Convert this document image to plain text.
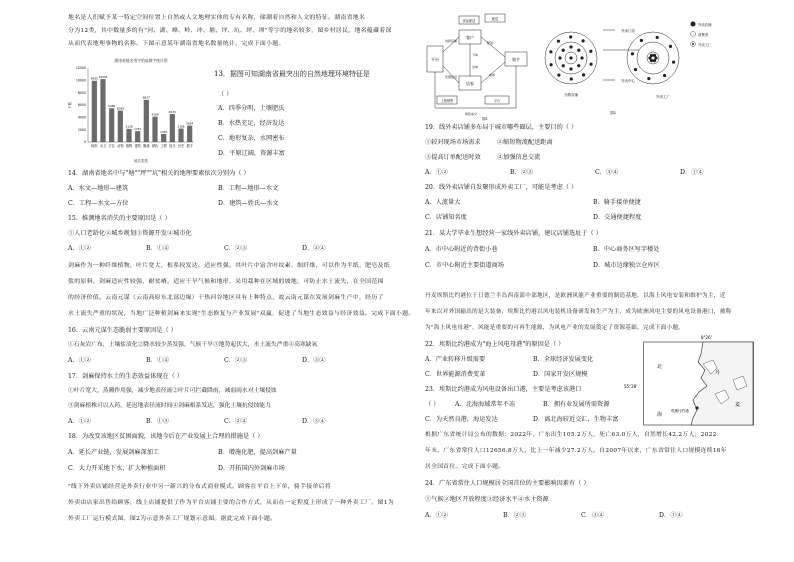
地名是人们赋予某一特定空间位置上自然或人文地理实体的专有名称，储潮着自然和人文的特征。湖南省地名
分为12类，其中数量多的有"河、湖、峰、岭、冲、塘、坪、坑、坪、圳"等字的地名较多，图乡村居民。地名蕴藏着深
从而代表地理事物的名称。下图示意某年湖南省地名数量统计。完成下面小题。
湖南省地名用字的高频字统计图
个数
地名类型
12000
10000
8000
6000
4000
2000
0
9935
地形
10203
水文
5468
方位
5089
动物
2128
植物
1751
建筑
6827
聚落
4109
颜色
1305
工程
4525
姓氏
2186
历史
2654
数字
13．据图可知湖南省最突出的自然地理环境特征是
（ ）
A．四季分明，土壤肥沃
B．水热充足，经济发达
C．地形复杂，水网密布
D．平原辽阔，资源丰富
14．湖南省地名中与"塘""坪""坑"相关的地理要素依次分别为（ ）
A．水文—地形—建筑	B．工程—地形—水文
C．工程—水文—方位	D．建筑—姓氏—水文
15．推测地名消失的主要原因是（ ）
①人口老龄化②城乡规划③资源开发④城市化
A．①②	B．①④	C．②③	D．②④
剑麻作为一种纤维植物，叶片宽大，根系较发达，适应性强。其叶片中富含叶纹素、细纤维，可以作为半纸、肥皂及纸
浆的原料。剑麻适应性较强，耐贫瘠，适应干旱气候和地形，采用栽种在区域的坡地，可防止水土流失，在全国范围
的经济价值。云南元谋（云南高原东北部边缘）干热河谷地区具有上种特点，故云南元谋在发展剑麻生产中，经历了
水土流失严重的状况，当地广泛种植剑麻来实现"生态修复与产业发展"双赢，促进了当地生态效益与经济效益。完成下面小题。
16．云南元谋生态脆弱主要原因是（ ）
①石灰岩广布，土壤盐渍化②降水较少蒸发强，气候干旱③地势起伏大，水土流失严重④高寒缺氧
A．①②	B．①④	C．②③	D．③④
17．剑麻保持水土的生态效益体现在（ ）
①叶片宽大，蒸腾作用强，减少地表径流②叶片可拦截降雨，减弱雨水对土壤侵蚀
③剑麻植株可以入药，延迟地表径流时间④剑麻根系发达，强化土壤抗侵蚀能力
A．①②	B．①③	C．②④	D．③④
18．为改变该地区贫困面貌，该地今后在产业发展上合理的措施是（ ）
A．延长产业链，发展剑麻深加工	B．增施化肥，提高剑麻产量
C．大力开采地下水，扩大种植面积	D．开拓国内外剑麻市场
"线下外卖店铺经营是外卖行业中另一新兴的分布式商业模式。顾客在平台上下单，骑手接单后将
外卖由店家出售给顾客，线上店铺提供了作为平台店铺主要的合作方式，从而在一定程度上形成了一种外卖工厂。图1为
外卖工厂运行模式图，图2为示意外卖工厂规划示意图。据此完成下面小题。
平台
客户
骑手
店家
食品配送	配送
上报销售	平台
选择店铺
优惠信息
配送
下单
接单
出单
销售成交
图1
外卖门店
外卖中心
分散店铺	外卖工厂
图2
外卖店铺
消费者
外卖工厂
19．线外卖店铺多布局于城市哪些圈层，主要目的（ ）
①较对现场市场需求	②缩短物流配送距离
③提高订单配送时效	④加强信息交流
A．①②	B．②③	C．③④	D．①④
20．线外卖店铺自发聚形成外卖工厂，可能是考虑（ ）
A．人流量大	B．骑手接单便捷
C．店铺知名度	D．交通便捷程度
21．某大学毕业生想经营一家线外卖店铺，建议店铺选址于（ ）
A．市中心附近的背街小巷	B．中心商务区写字楼处
C．市中心附近主要街道商场	D．城市边缘独立仓库区
丹麦埃斯比约港位于日德兰半岛西南部中部地区，是欧洲风能产业重要的制造基地，以海上风电安装和维护为主，近
年来以对外国输出的是大装备，埃斯比约港以风电装机设备研发和生产为主，成为欧洲风电主要的风电设备港口，被称
为"海上风电母港"。风能是重要的可再生能源，为风电产业的发展奠定了资源基础。完成下面小题。
22．埃斯比约港成为"海上风电母港"的原因是（ ）
A．产业转移升级需要	B．全球经济发展变化
C．世界能源消费变革	D．国家开发区规模
23．埃斯比约港成为风电设备出口港，主要是考虑该港口
（ ）	A．北海海域常年不冻	B．拥有业发展所需资源
C．为天然良港，海运发达	D．离北海较近交汇，生物丰富
8°26'
55°28'
北
海
丹
麦
埃斯比约港
根据广东省统计局公布的数据：2022年，广东出生105.2万人，死亡63.0万人，自然增长42.2万人；2022
年末，广东省常住人口12656.8万人，比上一年减少27.2万人。自2007年以来，广东省常住人口规模连续16年
居全国首位。完成下面小题。
24．广东省常住人口规模居全国首位的主要影响因素有（ ）
①气候②地区开放程度③经济水平④水土资源
A．①②	B．②③	C．③④	D．①④
